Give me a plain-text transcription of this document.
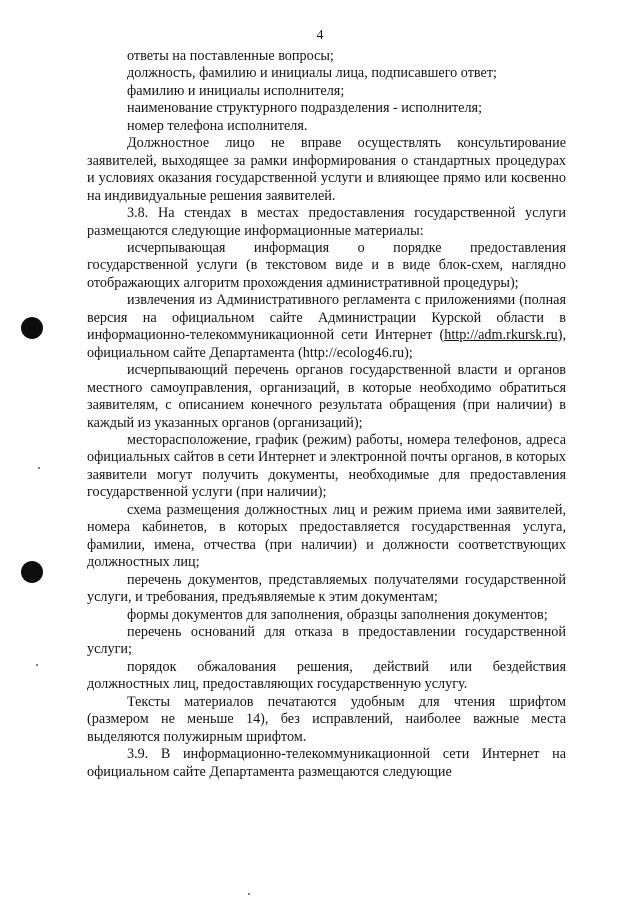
4

ответы на поставленные вопросы;

должность, фамилию и инициалы лица, подписавшего ответ;

фамилию и инициалы исполнителя;

наименование структурного подразделения - исполнителя;

номер телефона исполнителя.

Должностное лицо не вправе осуществлять консультирование заявителей, выходящее за рамки информирования о стандартных процедурах и условиях оказания государственной услуги и влияющее прямо или косвенно на индивидуальные решения заявителей.

3.8. На стендах в местах предоставления государственной услуги размещаются следующие информационные материалы:

исчерпывающая информация о порядке предоставления государственной услуги (в текстовом виде и в виде блок-схем, наглядно отображающих алгоритм прохождения административной процедуры);

извлечения из Административного регламента с приложениями (полная версия на официальном сайте Администрации Курской области в информационно-телекоммуникационной сети Интернет (http://adm.rkursk.ru), официальном сайте Департамента (http://ecolog46.ru);

исчерпывающий перечень органов государственной власти и органов местного самоуправления, организаций, в которые необходимо обратиться заявителям, с описанием конечного результата обращения (при наличии) в каждый из указанных органов (организаций);

месторасположение, график (режим) работы, номера телефонов, адреса официальных сайтов в сети Интернет и электронной почты органов, в которых заявители могут получить документы, необходимые для предоставления государственной услуги (при наличии);

схема размещения должностных лиц и режим приема ими заявителей, номера кабинетов, в которых предоставляется государственная услуга, фамилии, имена, отчества (при наличии) и должности соответствующих должностных лиц;

перечень документов, представляемых получателями государственной услуги, и требования, предъявляемые к этим документам;

формы документов для заполнения, образцы заполнения документов;

перечень оснований для отказа в предоставлении государственной услуги;

порядок обжалования решения, действий или бездействия должностных лиц, предоставляющих государственную услугу.

Тексты материалов печатаются удобным для чтения шрифтом (размером не меньше 14), без исправлений, наиболее важные места выделяются полужирным шрифтом.

3.9. В информационно-телекоммуникационной сети Интернет на официальном сайте Департамента размещаются следующие
